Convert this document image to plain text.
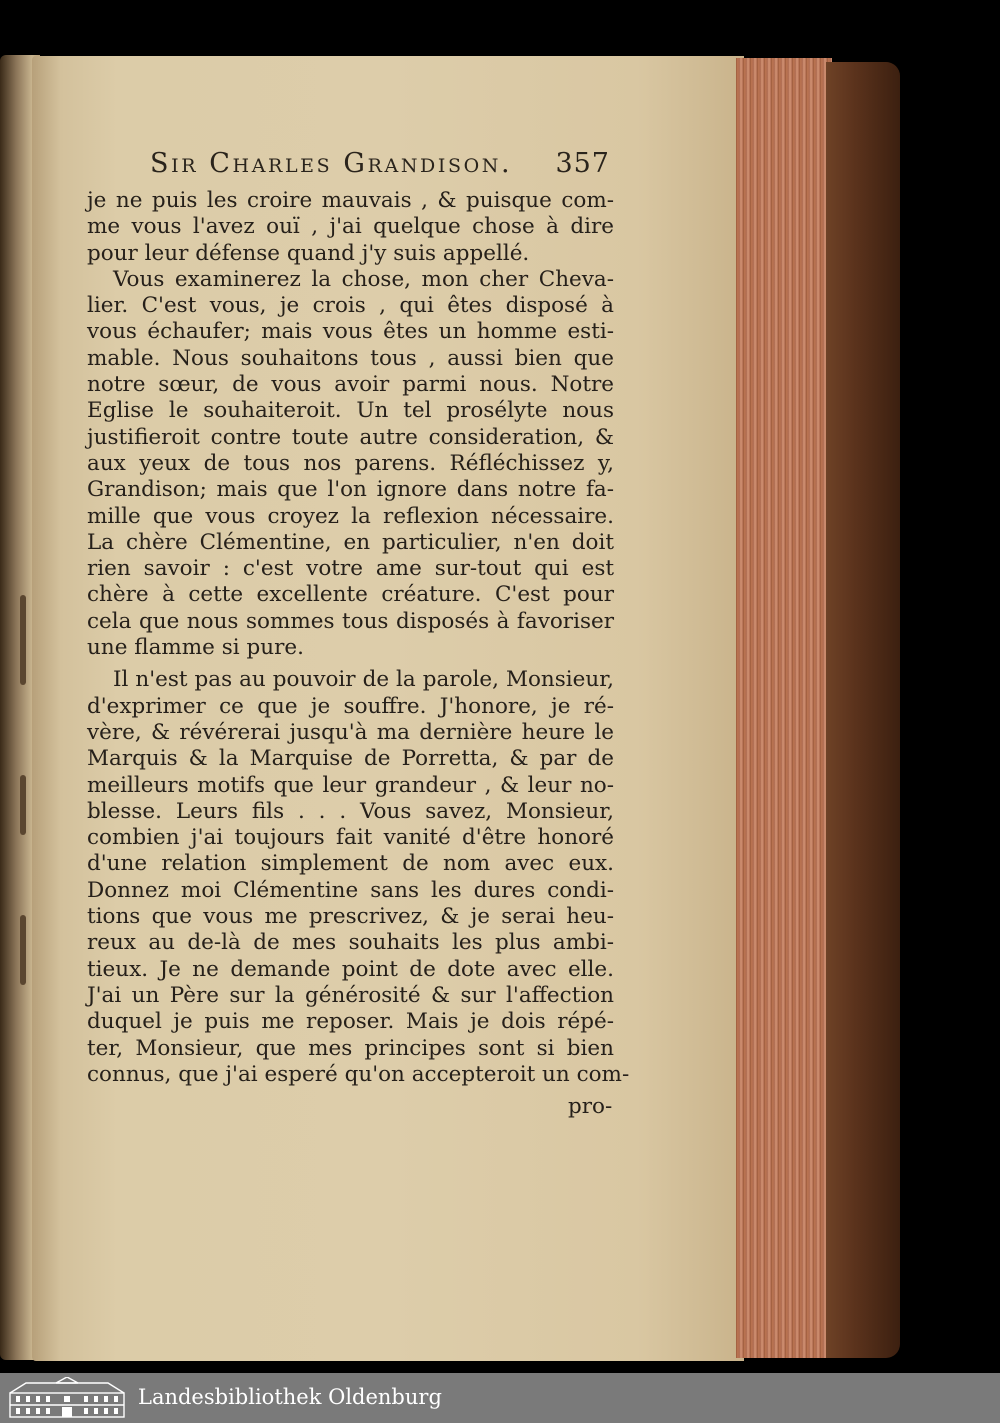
Sir Charles Grandison. 357
je ne puis les croire mauvais , & puisque com-
me vous l'avez ouï , j'ai quelque chose à dire
pour leur défense quand j'y suis appellé.
Vous examinerez la chose, mon cher Cheva-
lier. C'est vous, je crois , qui êtes disposé à
vous échaufer; mais vous êtes un homme esti-
mable. Nous souhaitons tous , aussi bien que
notre sœur, de vous avoir parmi nous. Notre
Eglise le souhaiteroit. Un tel prosélyte nous
justifieroit contre toute autre consideration, &
aux yeux de tous nos parens. Réfléchissez y,
Grandison; mais que l'on ignore dans notre fa-
mille que vous croyez la reflexion nécessaire.
La chère Clémentine, en particulier, n'en doit
rien savoir : c'est votre ame sur-tout qui est
chère à cette excellente créature. C'est pour
cela que nous sommes tous disposés à favoriser
une flamme si pure.
Il n'est pas au pouvoir de la parole, Monsieur,
d'exprimer ce que je souffre. J'honore, je ré-
vère, & révérerai jusqu'à ma dernière heure le
Marquis & la Marquise de Porretta, & par de
meilleurs motifs que leur grandeur , & leur no-
blesse. Leurs fils . . . Vous savez, Monsieur,
combien j'ai toujours fait vanité d'être honoré
d'une relation simplement de nom avec eux.
Donnez moi Clémentine sans les dures condi-
tions que vous me prescrivez, & je serai heu-
reux au de-là de mes souhaits les plus ambi-
tieux. Je ne demande point de dote avec elle.
J'ai un Père sur la générosité & sur l'affection
duquel je puis me reposer. Mais je dois répé-
ter, Monsieur, que mes principes sont si bien
connus, que j'ai esperé qu'on accepteroit un com-
pro-
Landesbibliothek Oldenburg
